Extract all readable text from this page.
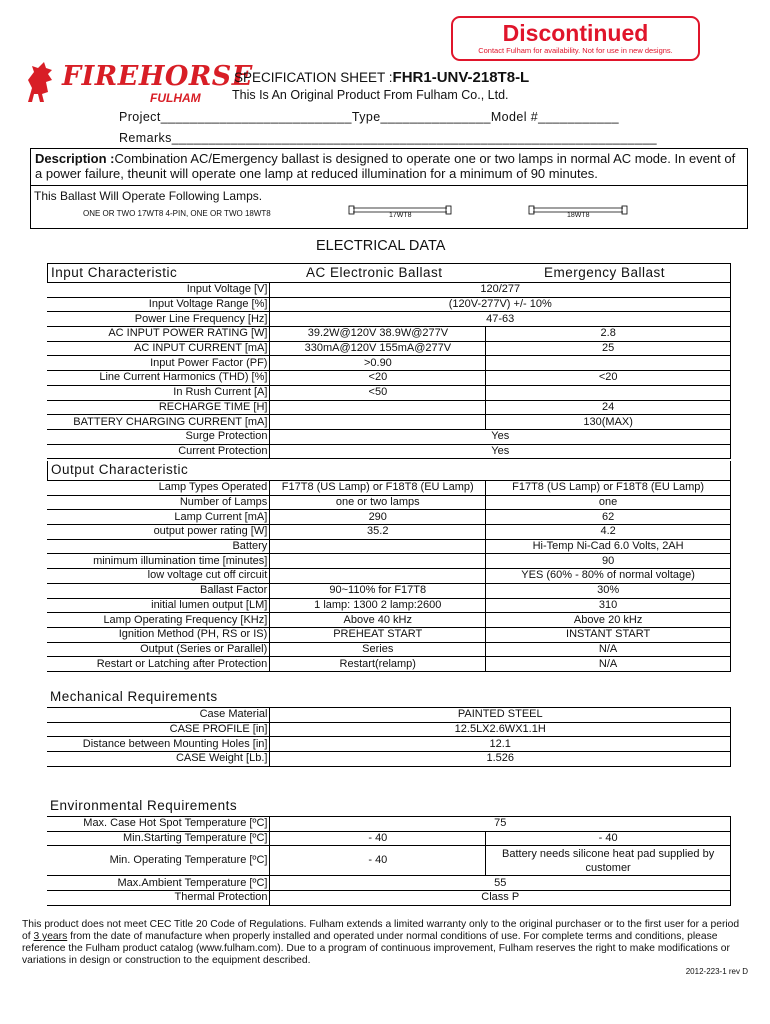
Discontinued
Contact Fulham for availability. Not for use in new designs.
FIREHORSE
FULHAM
SPECIFICATION SHEET :FHR1-UNV-218T8-L
This Is An Original Product From Fulham Co., Ltd.
Project__________________________Type_______________Model #___________
Remarks__________________________________________________________________
Description :Combination AC/Emergency ballast is designed to operate one or two lamps in normal AC mode. In event of a power failure, theunit will operate one lamp at reduced illumination for a minimum of 90 minutes.
This Ballast Will Operate Following Lamps.
ONE OR TWO 17WT8 4-PIN, ONE OR TWO 18WT8	17WT8	18WT8
ELECTRICAL DATA
Input Characteristic	AC Electronic Ballast	Emergency Ballast
Input Voltage [V]	120/277	
Input Voltage Range [%]	(120V-277V) +/- 10%	
Power Line Frequency [Hz]	47-63	
AC INPUT POWER RATING [W]	39.2W@120V 38.9W@277V	2.8
AC INPUT CURRENT [mA]	330mA@120V 155mA@277V	25
Input Power Factor (PF)	>0.90	
Line Current Harmonics (THD) [%]	<20	<20
In Rush Current [A]	<50	
RECHARGE TIME [H]		24
BATTERY CHARGING CURRENT [mA]		130(MAX)
Surge Protection	Yes	
Current Protection	Yes	
Output Characteristic
Lamp Types Operated	F17T8 (US Lamp) or F18T8 (EU Lamp)	F17T8 (US Lamp) or F18T8 (EU Lamp)
Number of Lamps	one or two lamps	one
Lamp Current [mA]	290	62
output power rating [W]	35.2	4.2
Battery		Hi-Temp Ni-Cad 6.0 Volts, 2AH
minimum illumination time [minutes]		90
low voltage cut off circuit		YES (60% - 80% of normal voltage)
Ballast Factor	90~110% for F17T8	30%
initial lumen output [LM]	1 lamp: 1300 2 lamp:2600	310
Lamp Operating Frequency [KHz]	Above 40 kHz	Above 20 kHz
Ignition Method (PH, RS or IS)	PREHEAT START	INSTANT START
Output (Series or Parallel)	Series	N/A
Restart or Latching after Protection	Restart(relamp)	N/A
Mechanical Requirements
Case Material	PAINTED STEEL
CASE PROFILE [in]	12.5LX2.6WX1.1H
Distance between Mounting Holes [in]	12.1
CASE Weight [Lb.]	1.526
Environmental Requirements
Max. Case Hot Spot Temperature [ºC]	75	
Min.Starting Temperature [ºC]	- 40	- 40
Min. Operating Temperature [ºC]	- 40	Battery needs silicone heat pad supplied by customer
Max.Ambient Temperature [ºC]	55	
Thermal Protection	Class P	
This product does not meet CEC Title 20 Code of Regulations. Fulham extends a limited warranty only to the original purchaser or to the first user for a period of 3 years from the date of manufacture when properly installed and operated under normal conditions of use. For complete terms and conditions, please reference the Fulham product catalog (www.fulham.com). Due to a program of continuous improvement, Fulham reserves the right to make modifications or variations in design or construction to the equipment described.
2012-223-1 rev D
